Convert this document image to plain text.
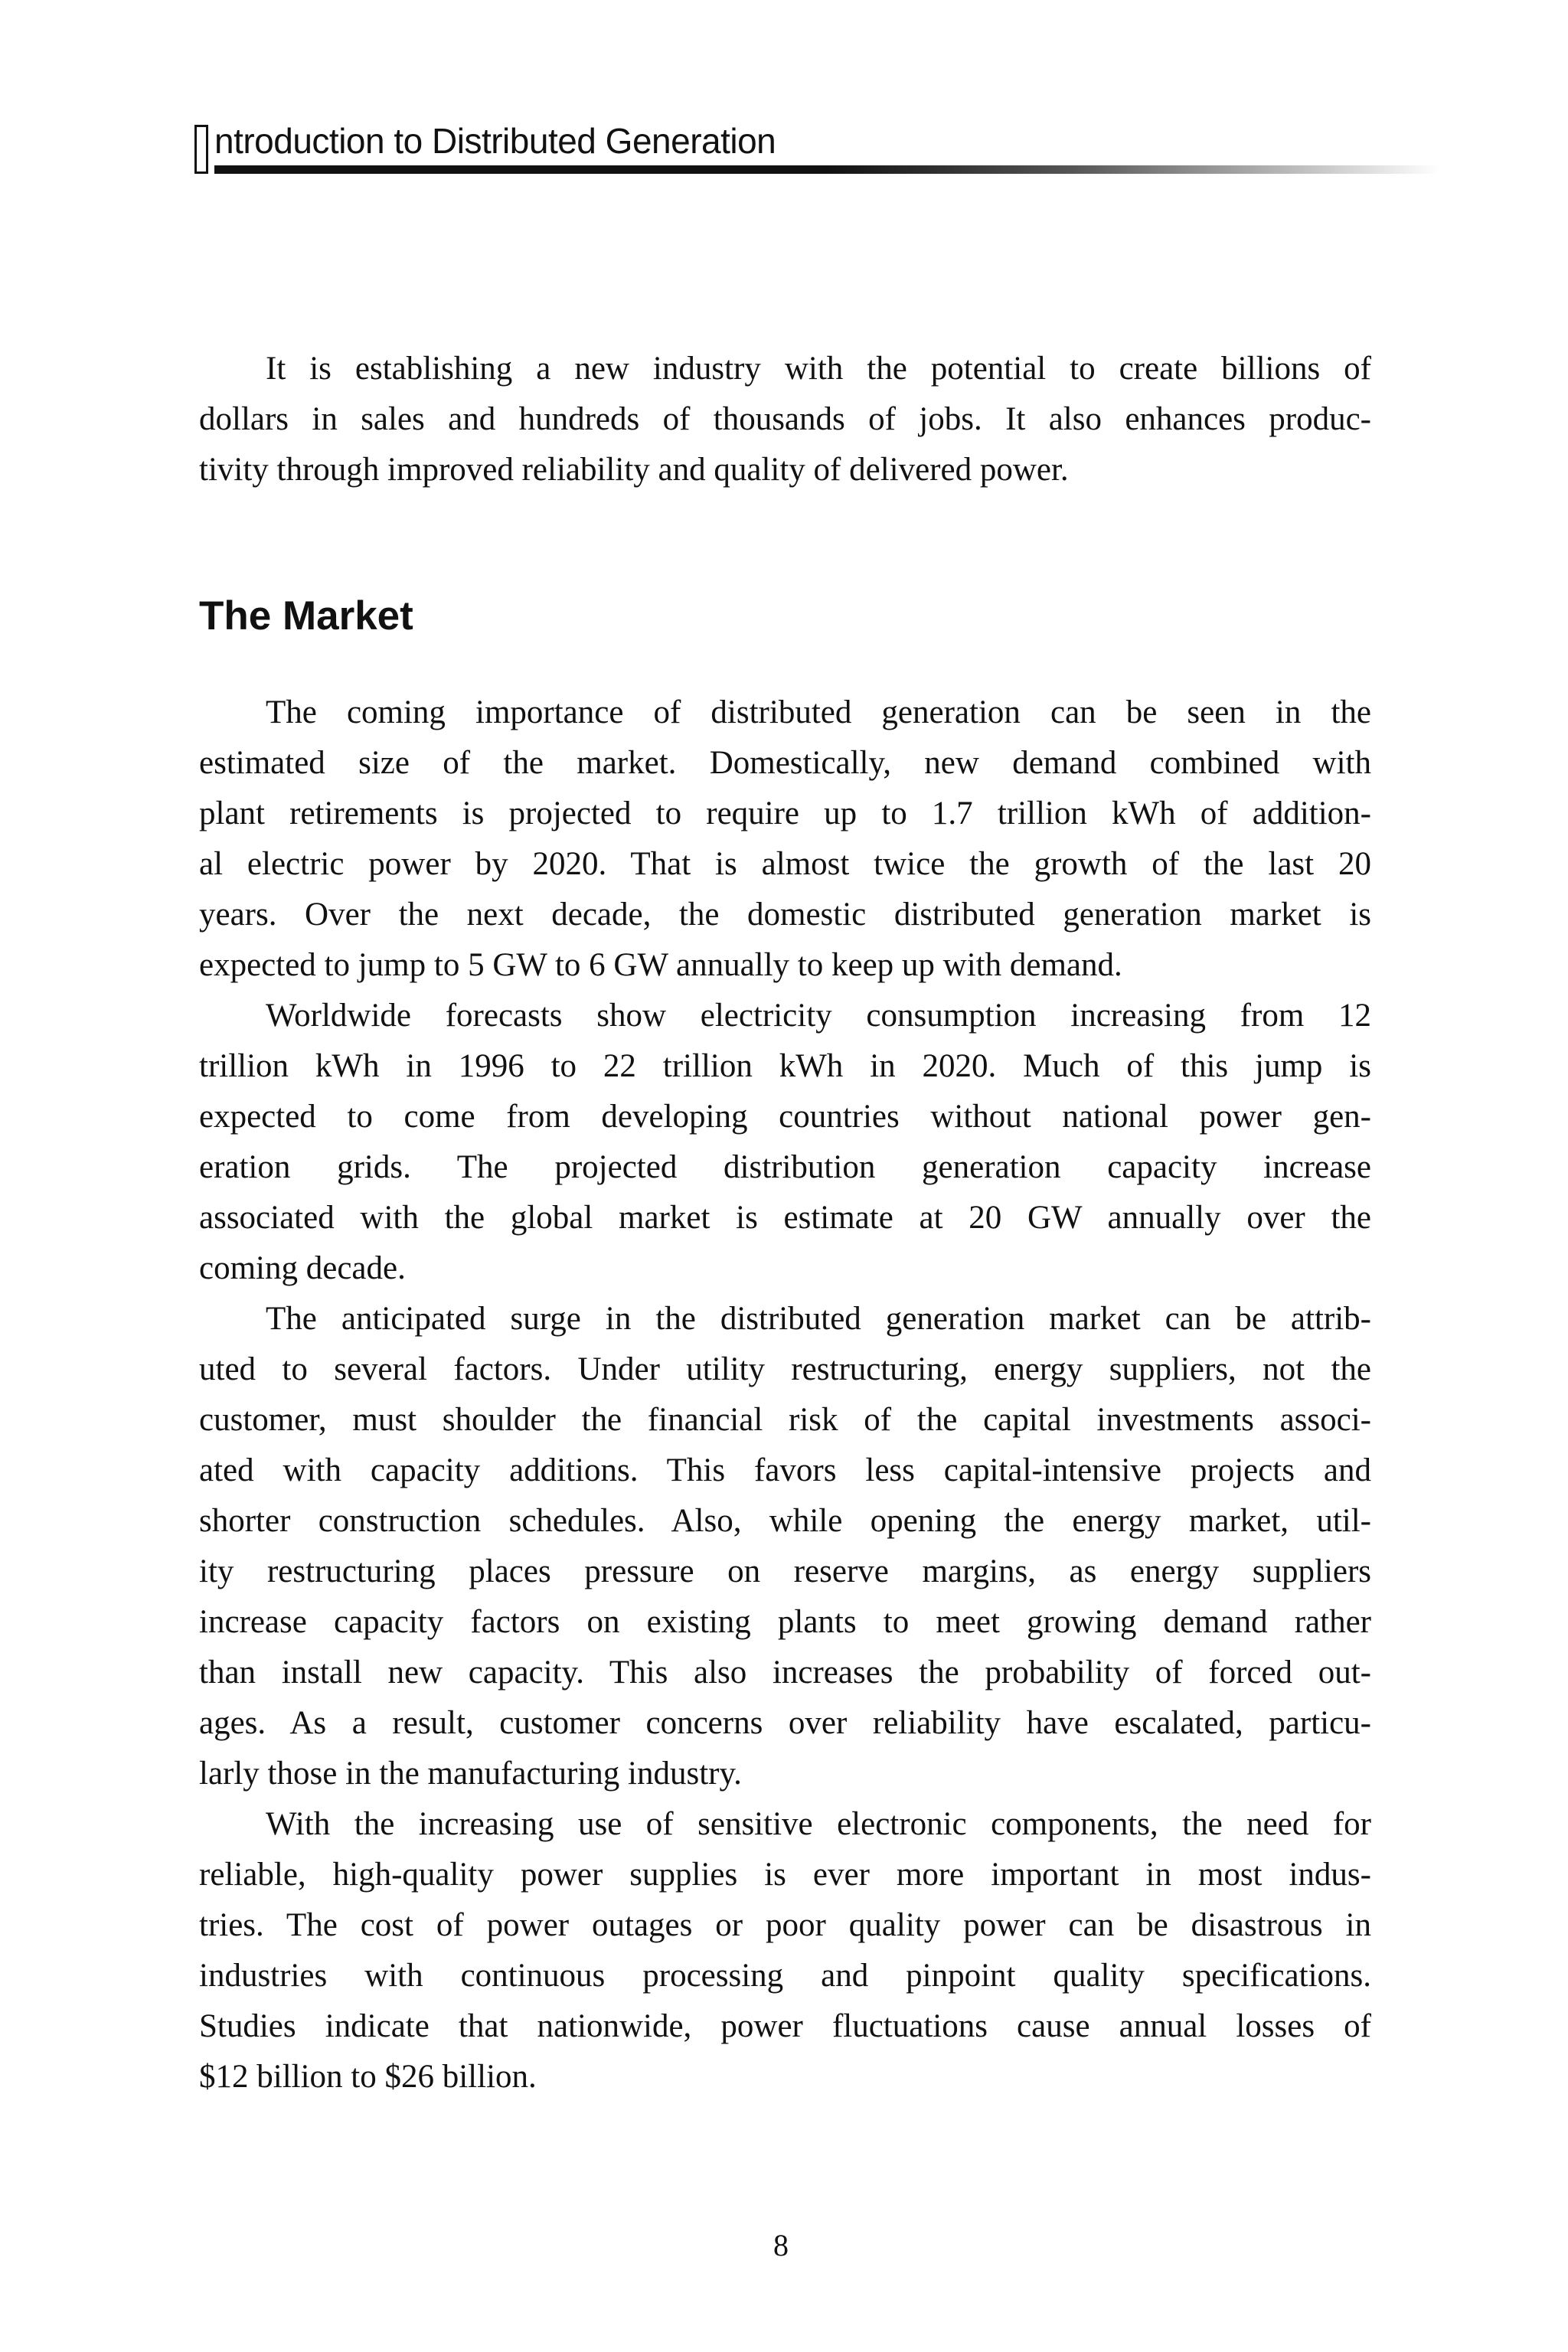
ntroduction to Distributed Generation
It is establishing a new industry with the potential to create billions of
dollars in sales and hundreds of thousands of jobs. It also enhances produc-
tivity through improved reliability and quality of delivered power.
The Market
The coming importance of distributed generation can be seen in the
estimated size of the market. Domestically, new demand combined with
plant retirements is projected to require up to 1.7 trillion kWh of addition-
al electric power by 2020. That is almost twice the growth of the last 20
years. Over the next decade, the domestic distributed generation market is
expected to jump to 5 GW to 6 GW annually to keep up with demand.
Worldwide forecasts show electricity consumption increasing from 12
trillion kWh in 1996 to 22 trillion kWh in 2020. Much of this jump is
expected to come from developing countries without national power gen-
eration grids. The projected distribution generation capacity increase
associated with the global market is estimate at 20 GW annually over the
coming decade.
The anticipated surge in the distributed generation market can be attrib-
uted to several factors. Under utility restructuring, energy suppliers, not the
customer, must shoulder the financial risk of the capital investments associ-
ated with capacity additions. This favors less capital-intensive projects and
shorter construction schedules. Also, while opening the energy market, util-
ity restructuring places pressure on reserve margins, as energy suppliers
increase capacity factors on existing plants to meet growing demand rather
than install new capacity. This also increases the probability of forced out-
ages. As a result, customer concerns over reliability have escalated, particu-
larly those in the manufacturing industry.
With the increasing use of sensitive electronic components, the need for
reliable, high-quality power supplies is ever more important in most indus-
tries. The cost of power outages or poor quality power can be disastrous in
industries with continuous processing and pinpoint quality specifications.
Studies indicate that nationwide, power fluctuations cause annual losses of
$12 billion to $26 billion.
8
